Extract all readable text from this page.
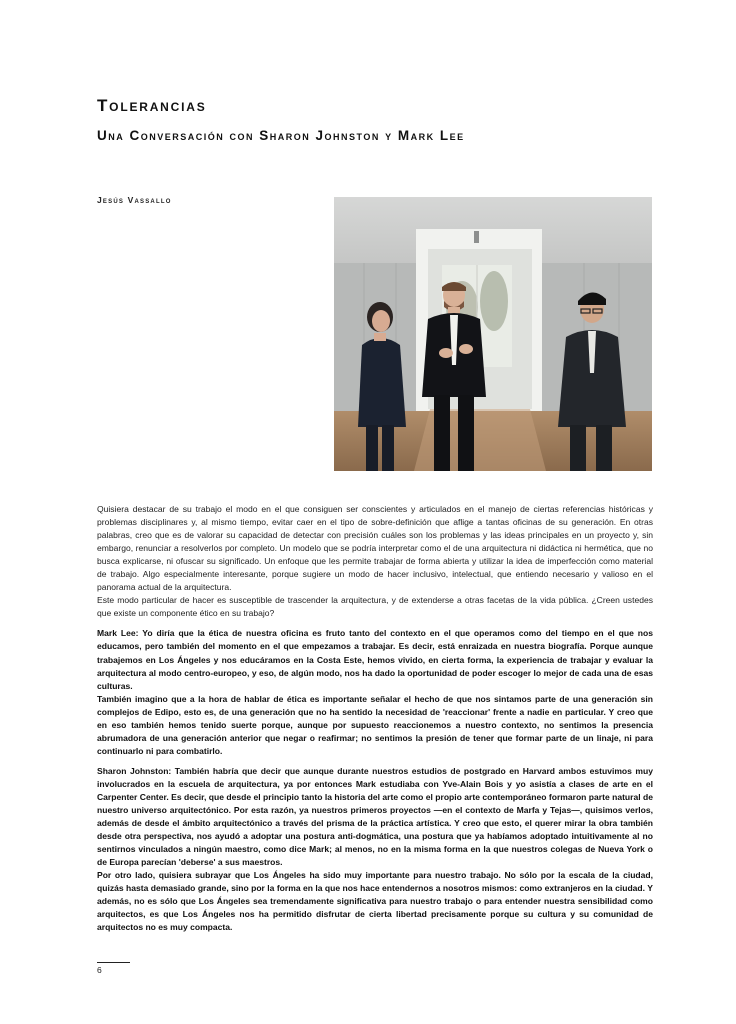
Tolerancias
Una Conversación con Sharon Johnston y Mark Lee
Jesús Vassallo

Quisiera destacar de su trabajo el modo en el que consiguen ser conscientes y articulados en el manejo de ciertas referencias históricas y problemas disciplinares y, al mismo tiempo, evitar caer en el tipo de sobre-definición que aflige a tantas oficinas de su generación. En otras palabras, creo que es de valorar su capacidad de detectar con precisión cuáles son los problemas y las ideas principales en un proyecto y, sin embargo, renunciar a resolverlos por completo. Un modelo que se podría interpretar como el de una arquitectura ni didáctica ni hermética, que no busca explicarse, ni ofuscar su significado. Un enfoque que les permite trabajar de forma abierta y utilizar la idea de imperfección como material de trabajo. Algo especialmente interesante, porque sugiere un modo de hacer inclusivo, intelectual, que entiendo necesario y valioso en el panorama actual de la arquitectura.

Este modo particular de hacer es susceptible de trascender la arquitectura, y de extenderse a otras facetas de la vida pública. ¿Creen ustedes que existe un componente ético en su trabajo?

Mark Lee: Yo diría que la ética de nuestra oficina es fruto tanto del contexto en el que operamos como del tiempo en el que nos educamos, pero también del momento en el que empezamos a trabajar. Es decir, está enraizada en nuestra biografía. Porque aunque trabajemos en Los Ángeles y nos educáramos en la Costa Este, hemos vivido, en cierta forma, la experiencia de trabajar y evaluar la arquitectura al modo centro-europeo, y eso, de algún modo, nos ha dado la oportunidad de poder escoger lo mejor de cada una de esas culturas.

También imagino que a la hora de hablar de ética es importante señalar el hecho de que nos sintamos parte de una generación sin complejos de Edipo, esto es, de una generación que no ha sentido la necesidad de 'reaccionar' frente a nadie en particular. Y creo que en eso también hemos tenido suerte porque, aunque por supuesto reaccionemos a nuestro contexto, no sentimos la presencia abrumadora de una generación anterior que negar o reafirmar; no sentimos la presión de tener que formar parte de un linaje, ni para continuarlo ni para combatirlo.

Sharon Johnston: También habría que decir que aunque durante nuestros estudios de postgrado en Harvard ambos estuvimos muy involucrados en la escuela de arquitectura, ya por entonces Mark estudiaba con Yve-Alain Bois y yo asistía a clases de arte en el Carpenter Center. Es decir, que desde el principio tanto la historia del arte como el propio arte contemporáneo formaron parte natural de nuestro universo arquitectónico. Por esta razón, ya nuestros primeros proyectos —en el contexto de Marfa y Tejas—, quisimos verlos, además de desde el ámbito arquitectónico a través del prisma de la práctica artística. Y creo que esto, el querer mirar la obra también desde otra perspectiva, nos ayudó a adoptar una postura anti-dogmática, una postura que ya habíamos adoptado intuitivamente al no sentirnos vinculados a ningún maestro, como dice Mark; al menos, no en la misma forma en la que nuestros colegas de Nueva York o de Europa parecían 'deberse' a sus maestros.

Por otro lado, quisiera subrayar que Los Ángeles ha sido muy importante para nuestro trabajo. No sólo por la escala de la ciudad, quizás hasta demasiado grande, sino por la forma en la que nos hace entendernos a nosotros mismos: como extranjeros en la ciudad. Y además, no es sólo que Los Ángeles sea tremendamente significativa para nuestro trabajo o para entender nuestra sensibilidad como arquitectos, es que Los Ángeles nos ha permitido disfrutar de cierta libertad precisamente porque su cultura y su comunidad de arquitectos no es muy compacta.

6
